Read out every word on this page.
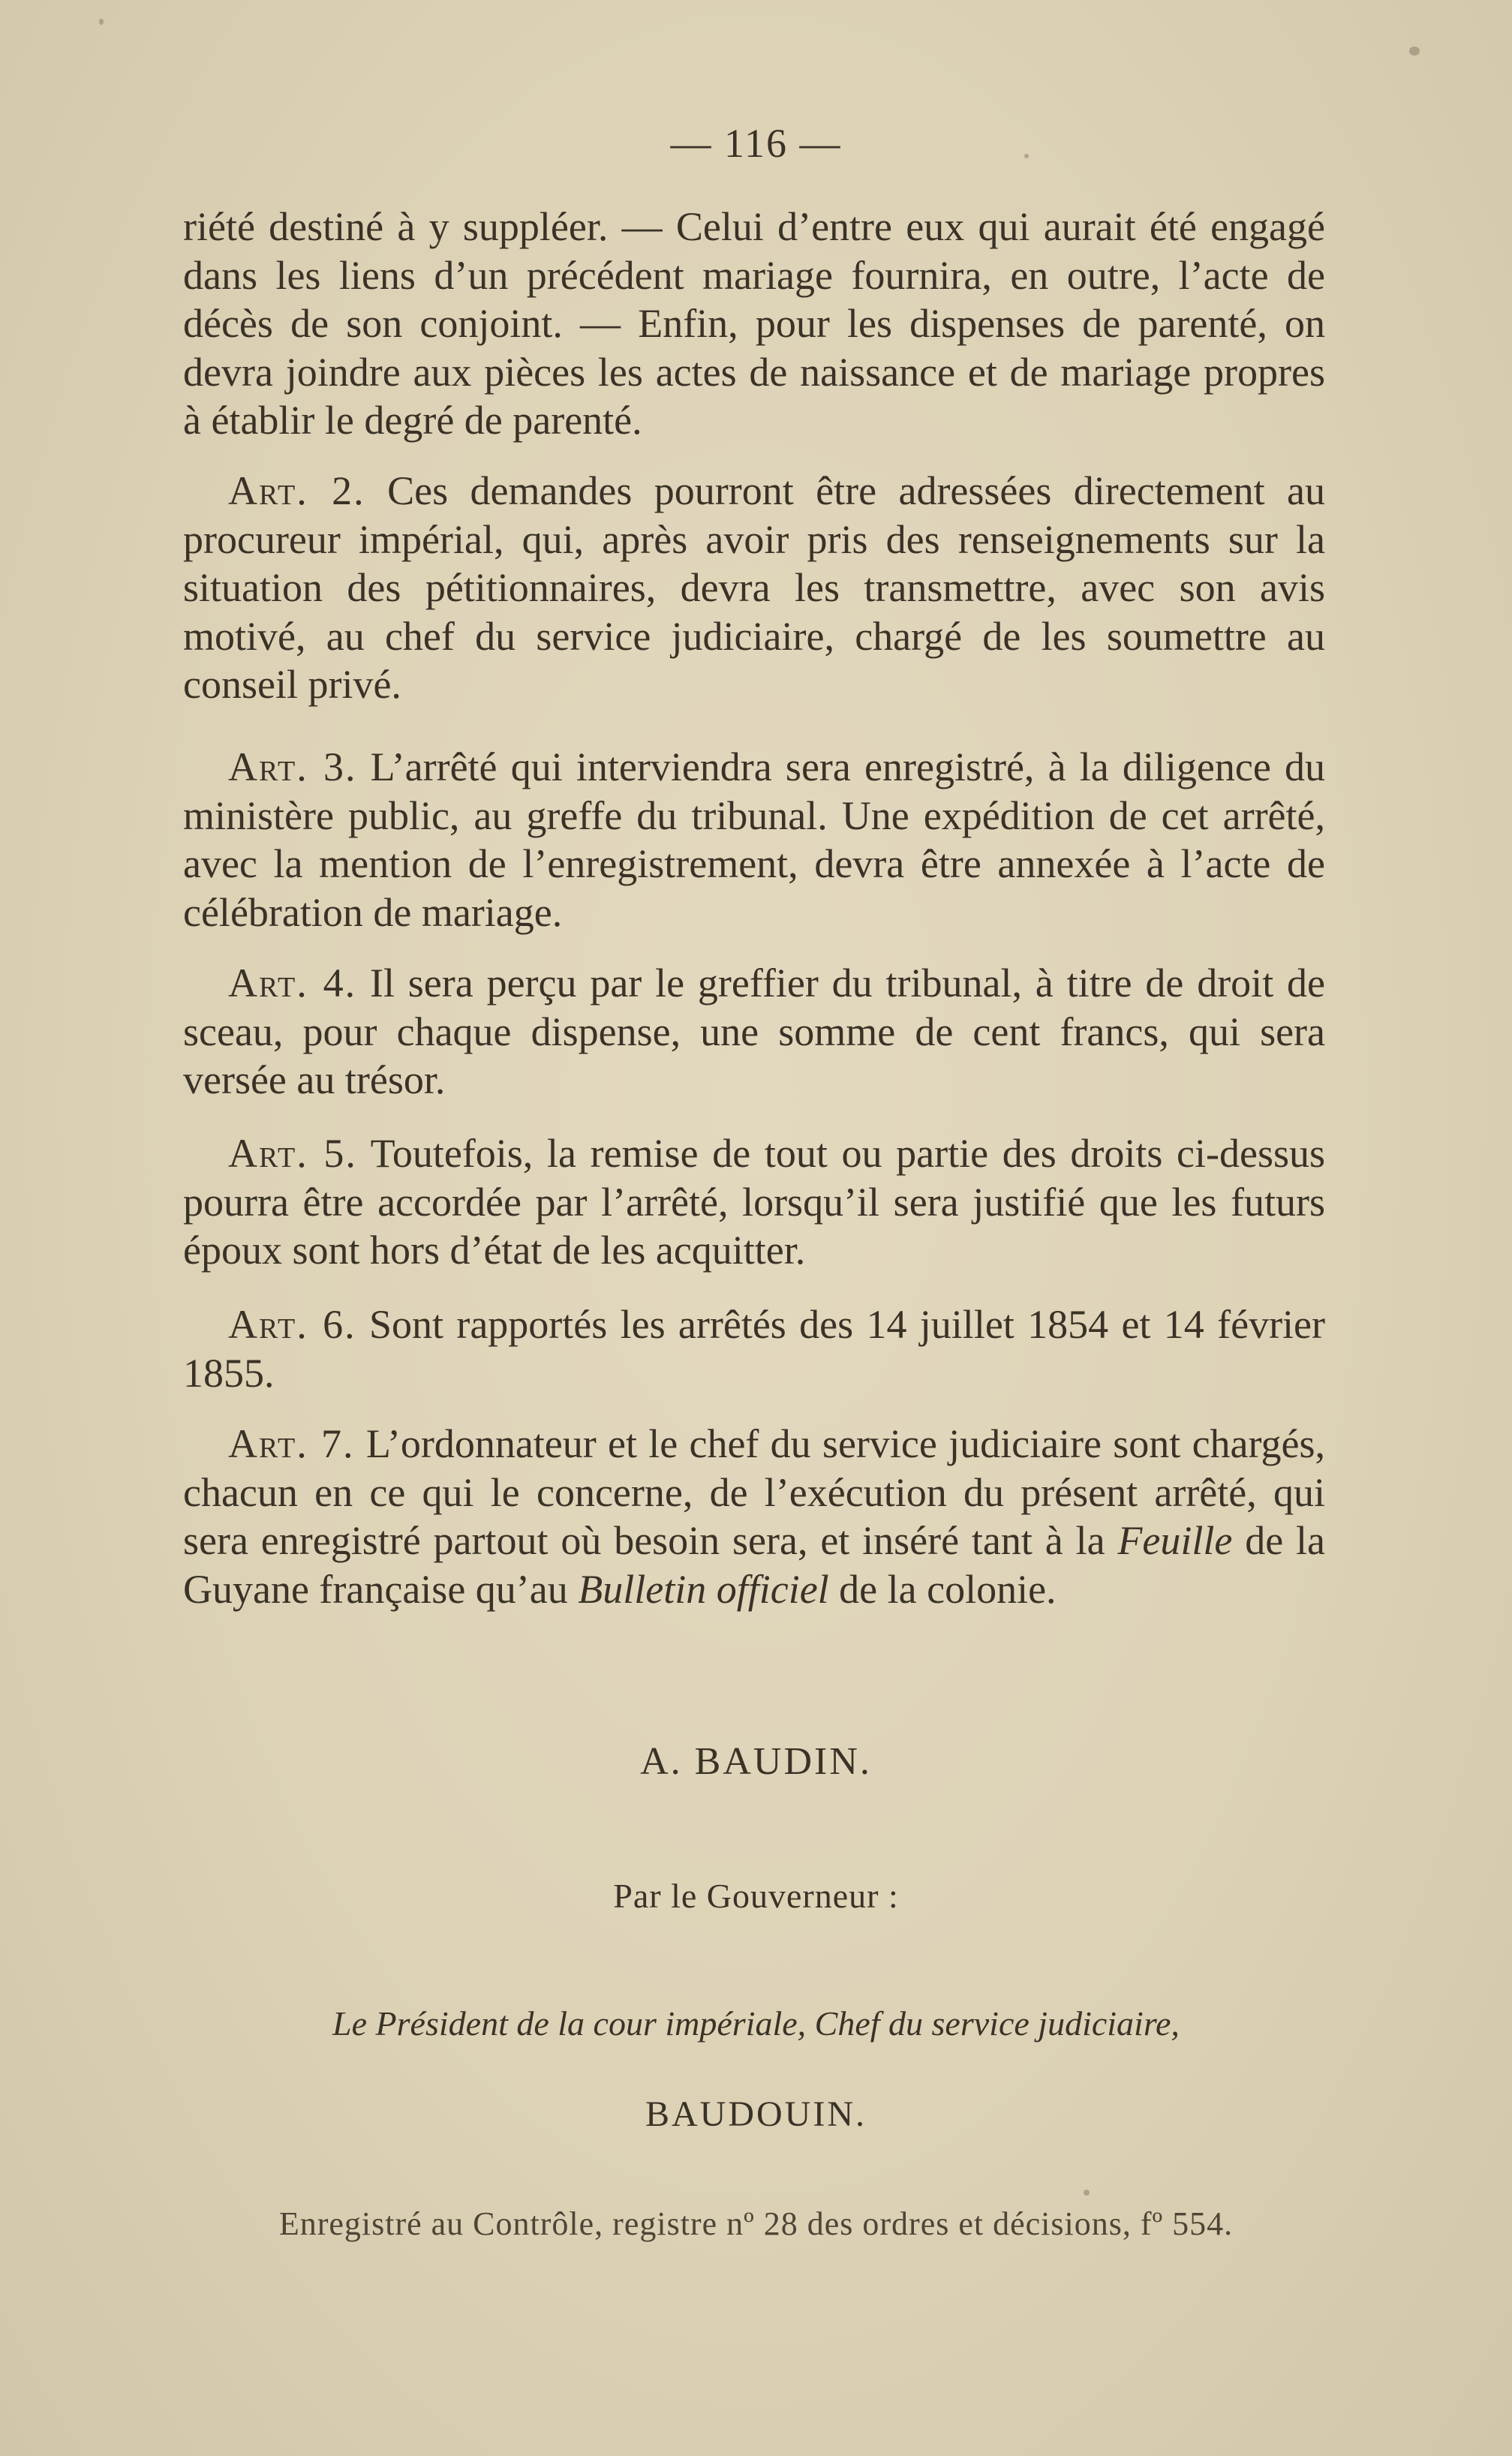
— 116 —

riété destiné à y suppléer. — Celui d’entre eux qui aurait été engagé dans les liens d’un précédent mariage fournira, en outre, l’acte de décès de son conjoint. — Enfin, pour les dispenses de parenté, on devra joindre aux pièces les actes de naissance et de mariage propres à établir le degré de parenté.

Art. 2. Ces demandes pourront être adressées directement au procureur impérial, qui, après avoir pris des renseignements sur la situation des pétitionnaires, devra les transmettre, avec son avis motivé, au chef du service judiciaire, chargé de les soumettre au conseil privé.

Art. 3. L’arrêté qui interviendra sera enregistré, à la diligence du ministère public, au greffe du tribunal. Une expédition de cet arrêté, avec la mention de l’enregistrement, devra être annexée à l’acte de célébration de mariage.

Art. 4. Il sera perçu par le greffier du tribunal, à titre de droit de sceau, pour chaque dispense, une somme de cent francs, qui sera versée au trésor.

Art. 5. Toutefois, la remise de tout ou partie des droits ci-dessus pourra être accordée par l’arrêté, lorsqu’il sera justifié que les futurs époux sont hors d’état de les acquitter.

Art. 6. Sont rapportés les arrêtés des 14 juillet 1854 et 14 février 1855.

Art. 7. L’ordonnateur et le chef du service judiciaire sont chargés, chacun en ce qui le concerne, de l’exécution du présent arrêté, qui sera enregistré partout où besoin sera, et inséré tant à la Feuille de la Guyane française qu’au Bulletin officiel de la colonie.

A. BAUDIN.
Par le Gouverneur :
Le Président de la cour impériale, Chef du service judiciaire,
BAUDOUIN.
Enregistré au Contrôle, registre nº 28 des ordres et décisions, fº 554.
